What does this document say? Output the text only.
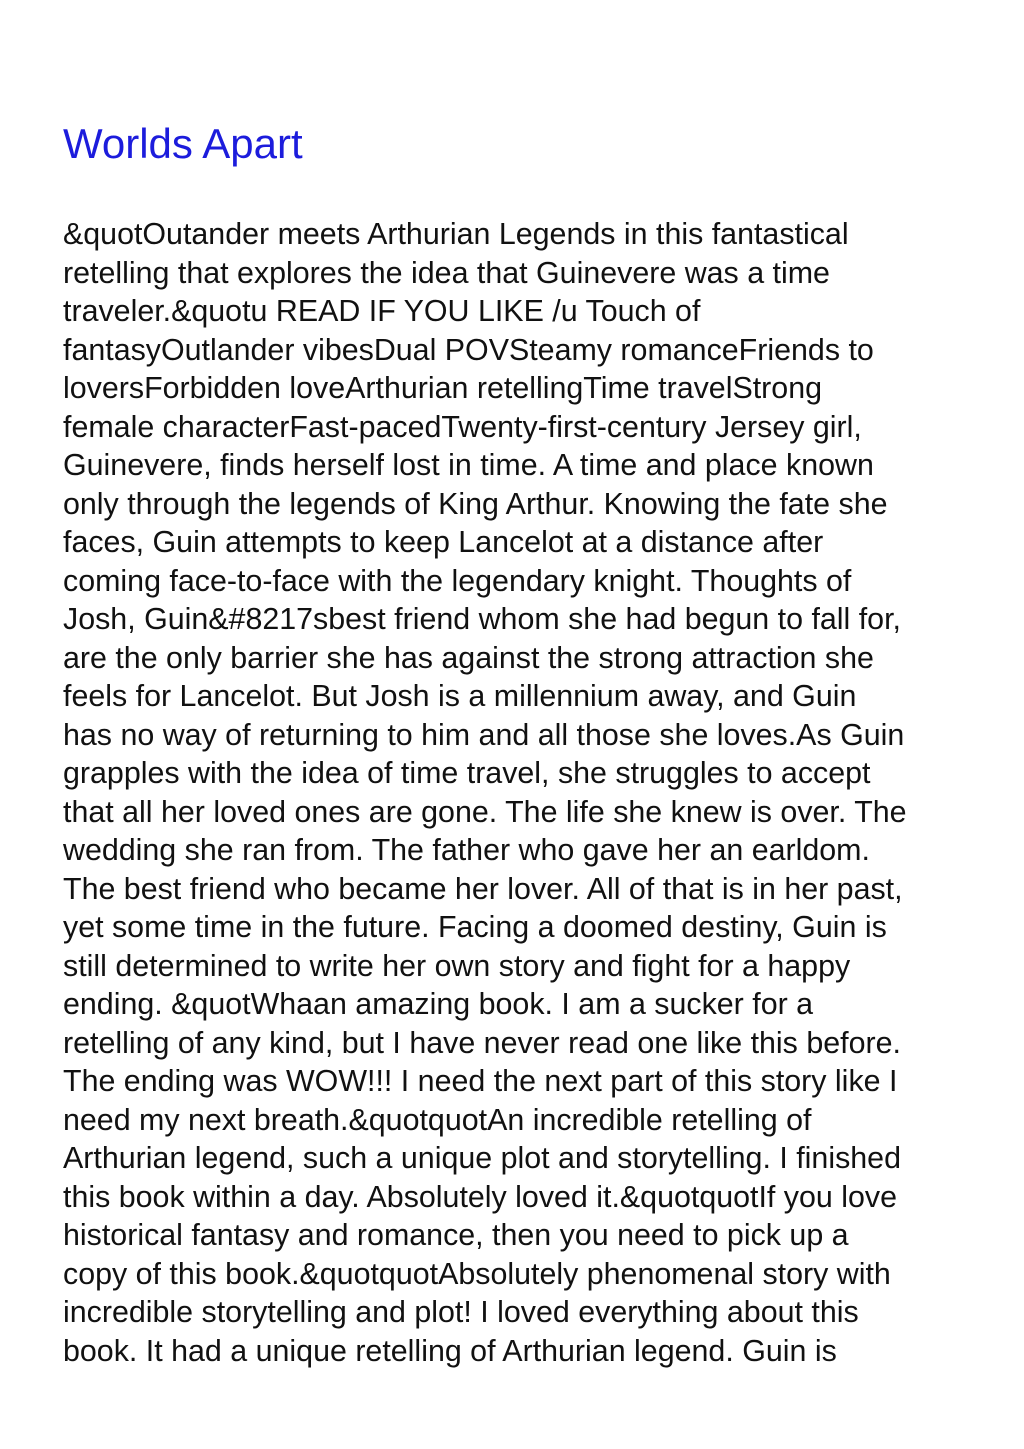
Worlds Apart
&quotOutander meets Arthurian Legends in this fantastical
retelling that explores the idea that Guinevere was a time
traveler.&quotu READ IF YOU LIKE /u Touch of
fantasyOutlander vibesDual POVSteamy romanceFriends to
loversForbidden loveArthurian retellingTime travelStrong
female characterFast-pacedTwenty-first-century Jersey girl,
Guinevere, finds herself lost in time. A time and place known
only through the legends of King Arthur. Knowing the fate she
faces, Guin attempts to keep Lancelot at a distance after
coming face-to-face with the legendary knight. Thoughts of
Josh, Guin&#8217sbest friend whom she had begun to fall for,
are the only barrier she has against the strong attraction she
feels for Lancelot. But Josh is a millennium away, and Guin
has no way of returning to him and all those she loves.As Guin
grapples with the idea of time travel, she struggles to accept
that all her loved ones are gone. The life she knew is over. The
wedding she ran from. The father who gave her an earldom.
The best friend who became her lover. All of that is in her past,
yet some time in the future. Facing a doomed destiny, Guin is
still determined to write her own story and fight for a happy
ending. &quotWhaan amazing book. I am a sucker for a
retelling of any kind, but I have never read one like this before.
The ending was WOW!!! I need the next part of this story like I
need my next breath.&quotquotAn incredible retelling of
Arthurian legend, such a unique plot and storytelling. I finished
this book within a day. Absolutely loved it.&quotquotIf you love
historical fantasy and romance, then you need to pick up a
copy of this book.&quotquotAbsolutely phenomenal story with
incredible storytelling and plot! I loved everything about this
book. It had a unique retelling of Arthurian legend. Guin is
